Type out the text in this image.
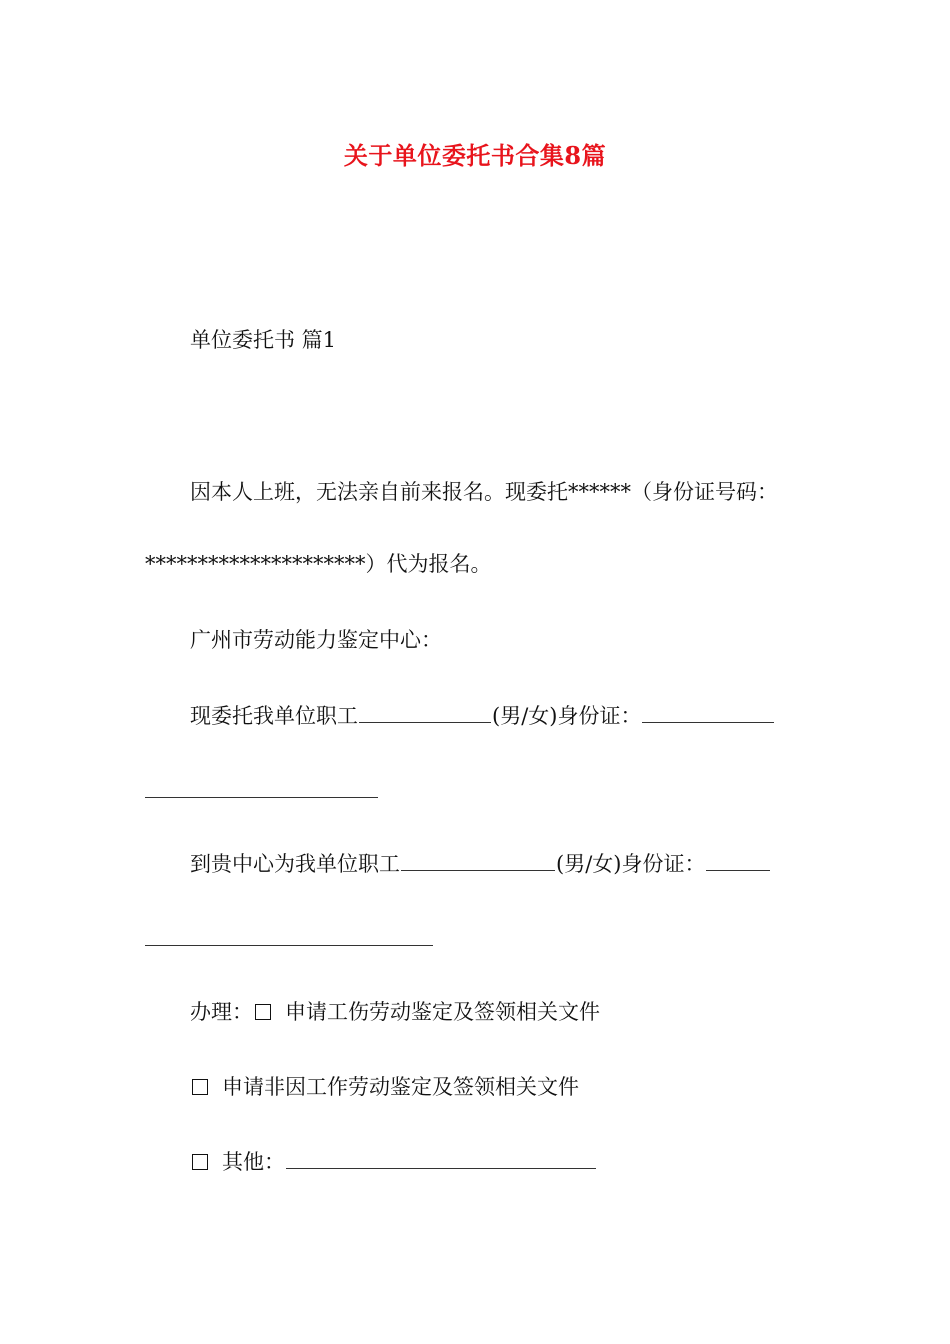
关于单位委托书合集8篇
单位委托书 篇1
因本人上班，无法亲自前来报名。现委托******（身份证号码：
*********************）代为报名。
广州市劳动能力鉴定中心：
现委托我单位职工	(男/女)身份证：
到贵中心为我单位职工	(男/女)身份证：
办理： 申请工伤劳动鉴定及签领相关文件
申请非因工作劳动鉴定及签领相关文件
其他：
